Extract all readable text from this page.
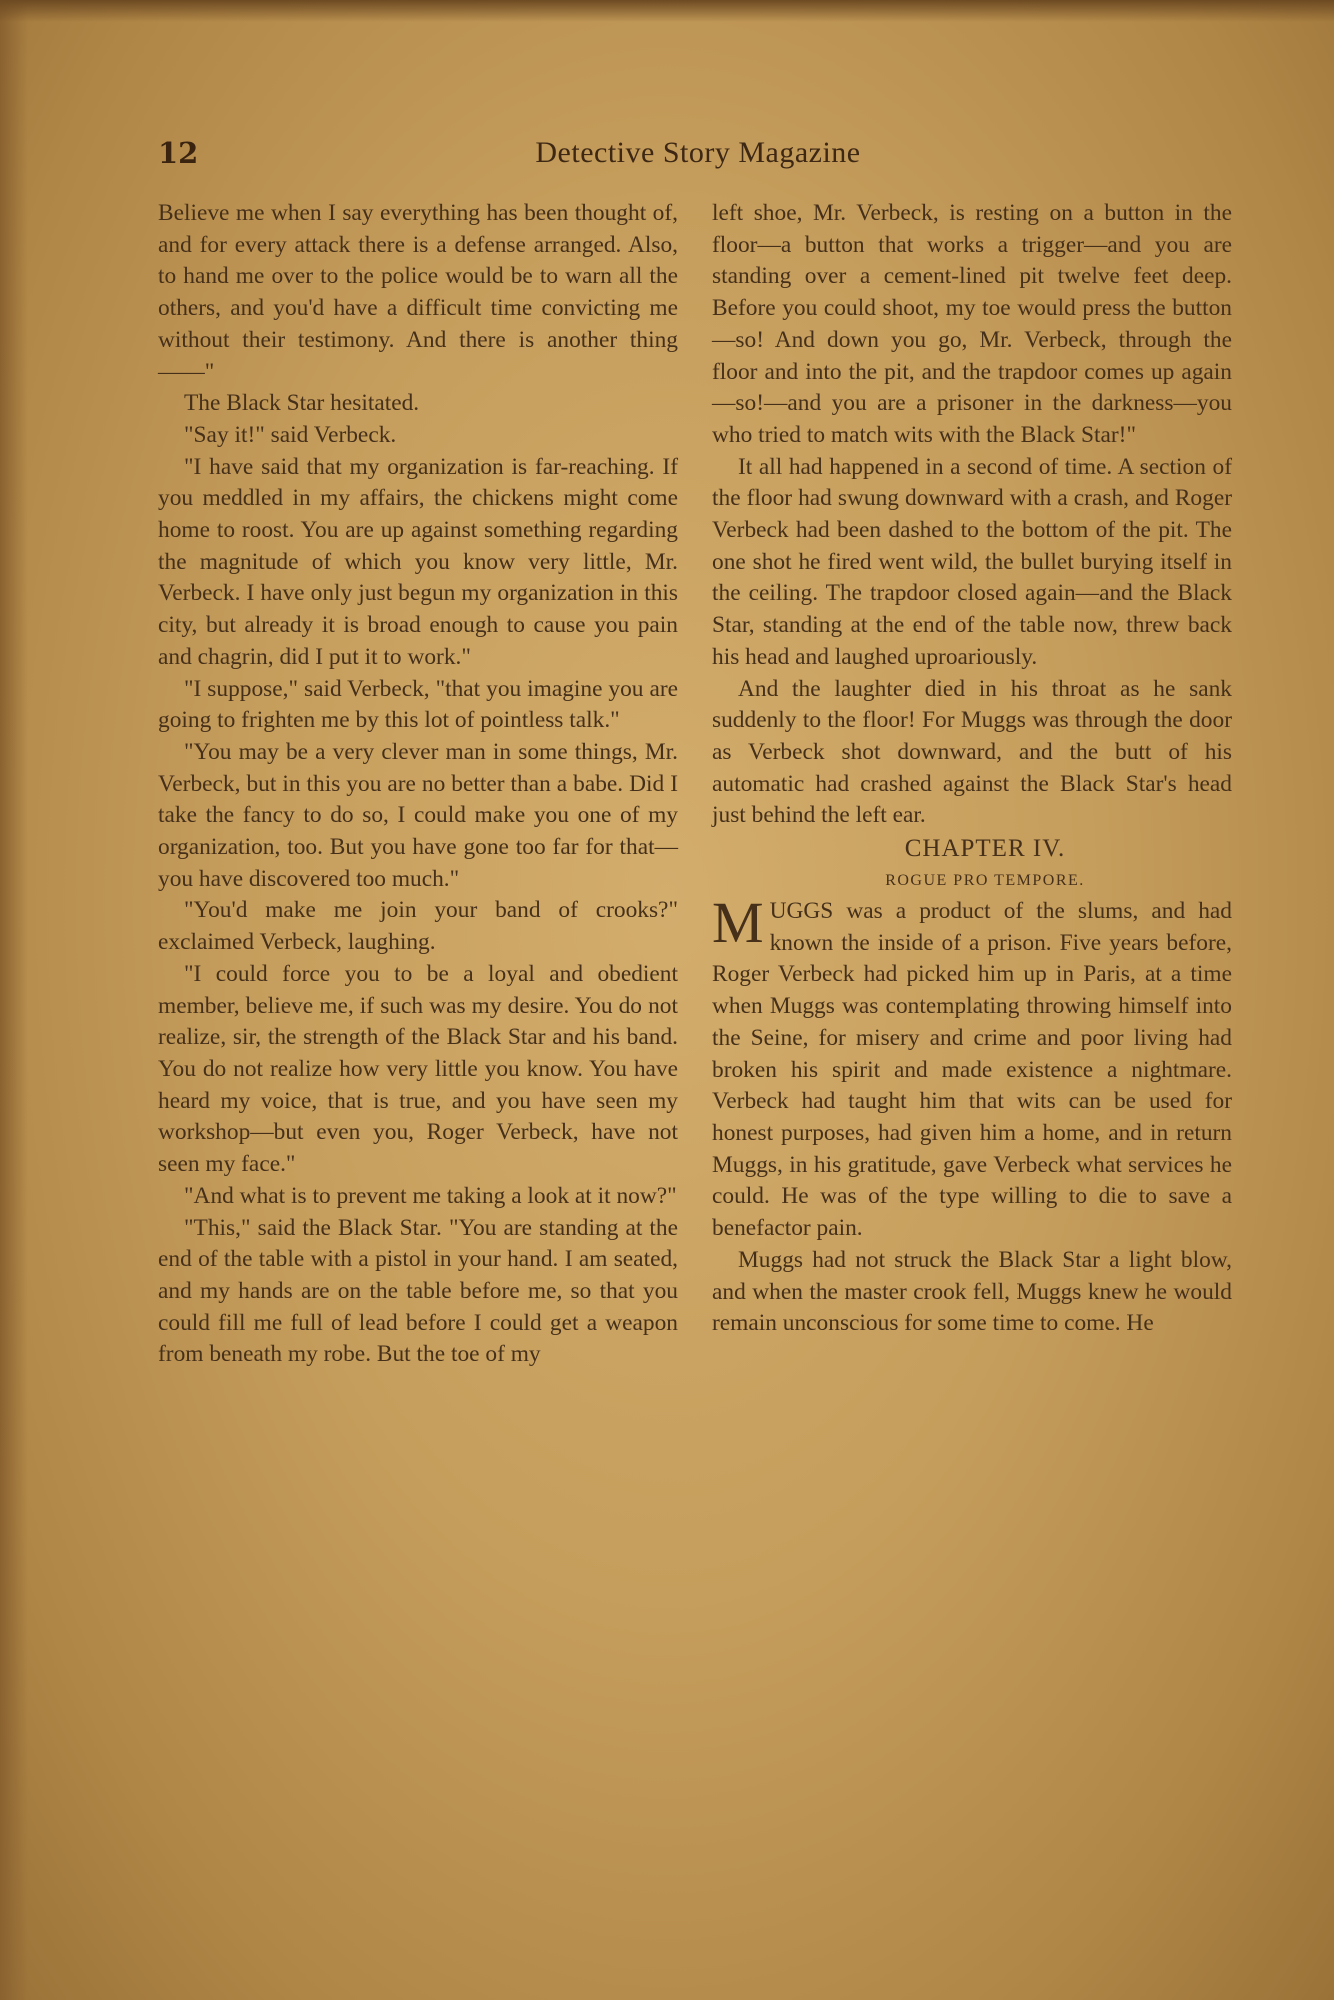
12	Detective Story Magazine

Believe me when I say everything has been thought of, and for every attack there is a defense arranged. Also, to hand me over to the police would be to warn all the others, and you'd have a difficult time convicting me without their testimony. And there is another thing——"

The Black Star hesitated.

"Say it!" said Verbeck.

"I have said that my organization is far-reaching. If you meddled in my affairs, the chickens might come home to roost. You are up against something regarding the magnitude of which you know very little, Mr. Verbeck. I have only just begun my organization in this city, but already it is broad enough to cause you pain and chagrin, did I put it to work."

"I suppose," said Verbeck, "that you imagine you are going to frighten me by this lot of pointless talk."

"You may be a very clever man in some things, Mr. Verbeck, but in this you are no better than a babe. Did I take the fancy to do so, I could make you one of my organization, too. But you have gone too far for that—you have discovered too much."

"You'd make me join your band of crooks?" exclaimed Verbeck, laughing.

"I could force you to be a loyal and obedient member, believe me, if such was my desire. You do not realize, sir, the strength of the Black Star and his band. You do not realize how very little you know. You have heard my voice, that is true, and you have seen my workshop—but even you, Roger Verbeck, have not seen my face."

"And what is to prevent me taking a look at it now?"

"This," said the Black Star. "You are standing at the end of the table with a pistol in your hand. I am seated, and my hands are on the table before me, so that you could fill me full of lead before I could get a weapon from beneath my robe. But the toe of my

left shoe, Mr. Verbeck, is resting on a button in the floor—a button that works a trigger—and you are standing over a cement-lined pit twelve feet deep. Before you could shoot, my toe would press the button—so! And down you go, Mr. Verbeck, through the floor and into the pit, and the trapdoor comes up again—so!—and you are a prisoner in the darkness—you who tried to match wits with the Black Star!"

It all had happened in a second of time. A section of the floor had swung downward with a crash, and Roger Verbeck had been dashed to the bottom of the pit. The one shot he fired went wild, the bullet burying itself in the ceiling. The trapdoor closed again—and the Black Star, standing at the end of the table now, threw back his head and laughed uproariously.

And the laughter died in his throat as he sank suddenly to the floor! For Muggs was through the door as Verbeck shot downward, and the butt of his automatic had crashed against the Black Star's head just behind the left ear.

CHAPTER IV.

ROGUE PRO TEMPORE.

MUGGS was a product of the slums, and had known the inside of a prison. Five years before, Roger Verbeck had picked him up in Paris, at a time when Muggs was contemplating throwing himself into the Seine, for misery and crime and poor living had broken his spirit and made existence a nightmare. Verbeck had taught him that wits can be used for honest purposes, had given him a home, and in return Muggs, in his gratitude, gave Verbeck what services he could. He was of the type willing to die to save a benefactor pain.

Muggs had not struck the Black Star a light blow, and when the master crook fell, Muggs knew he would remain unconscious for some time to come. He
